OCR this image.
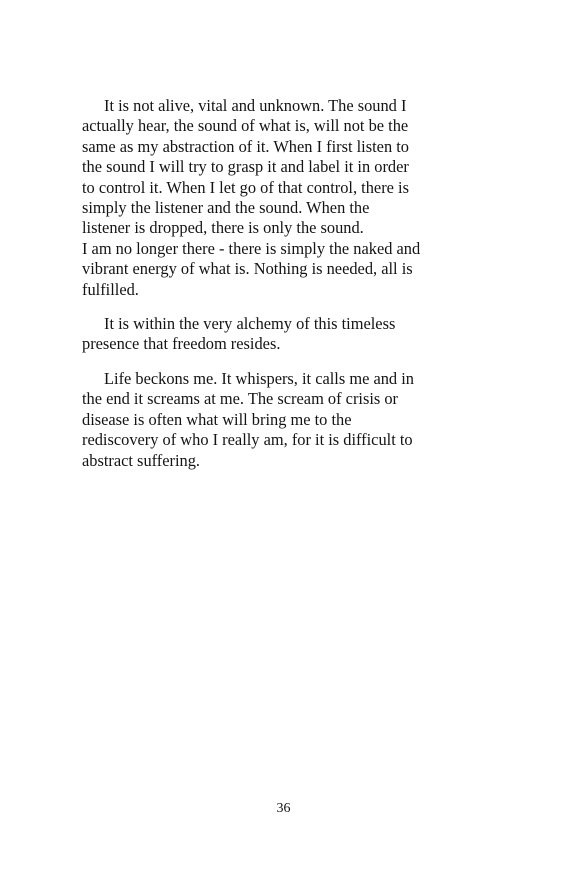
It is not alive, vital and unknown. The sound I
actually hear, the sound of what is, will not be the
same as my abstraction of it. When I first listen to
the sound I will try to grasp it and label it in order
to control it. When I let go of that control, there is
simply the listener and the sound. When the
listener is dropped, there is only the sound.
I am no longer there - there is simply the naked and
vibrant energy of what is. Nothing is needed, all is
fulfilled.

It is within the very alchemy of this timeless
presence that freedom resides.

Life beckons me. It whispers, it calls me and in
the end it screams at me. The scream of crisis or
disease is often what will bring me to the
rediscovery of who I really am, for it is difficult to
abstract suffering.

36
